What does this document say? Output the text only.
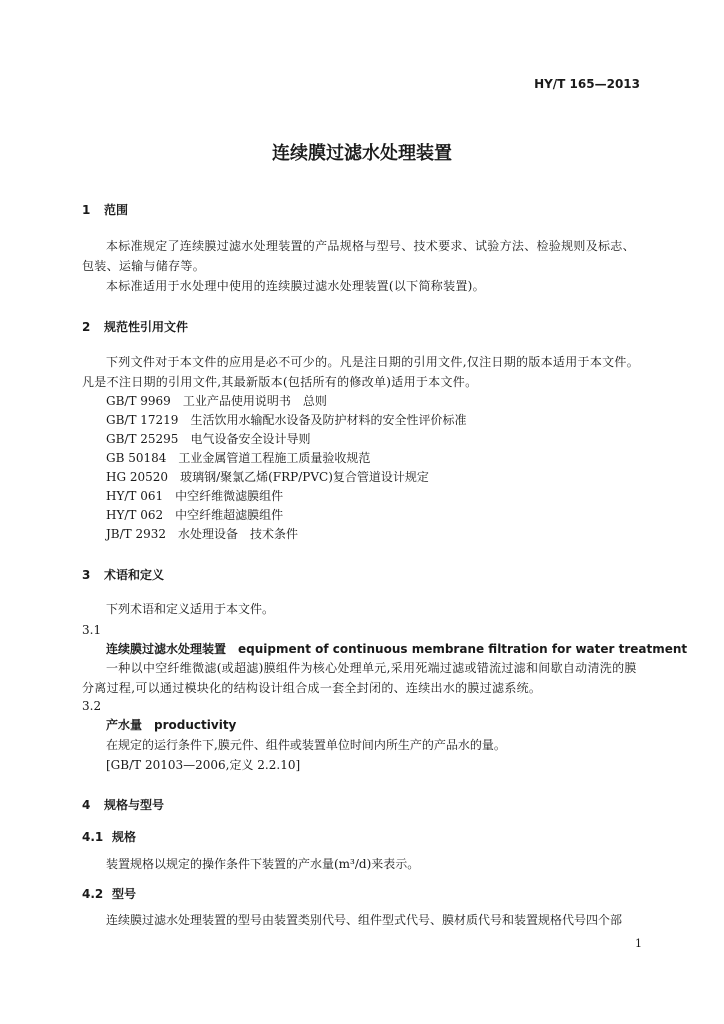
HY/T 165—2013
连续膜过滤水处理装置
1 范围
本标准规定了连续膜过滤水处理装置的产品规格与型号、技术要求、试验方法、检验规则及标志、包装、运输与储存等。
本标准适用于水处理中使用的连续膜过滤水处理装置(以下简称装置)。
2 规范性引用文件
下列文件对于本文件的应用是必不可少的。凡是注日期的引用文件,仅注日期的版本适用于本文件。凡是不注日期的引用文件,其最新版本(包括所有的修改单)适用于本文件。
GB/T 9969　 工业产品使用说明书　总则
GB/T 17219　 生活饮用水输配水设备及防护材料的安全性评价标准
GB/T 25295　 电气设备安全设计导则
GB 50184　 工业金属管道工程施工质量验收规范
HG 20520　 玻璃钢/聚氯乙烯(FRP/PVC)复合管道设计规定
HY/T 061　 中空纤维微滤膜组件
HY/T 062　 中空纤维超滤膜组件
JB/T 2932　 水处理设备　技术条件
3 术语和定义
下列术语和定义适用于本文件。
3.1
连续膜过滤水处理装置　 equipment of continuous membrane filtration for water treatment
一种以中空纤维微滤(或超滤)膜组件为核心处理单元,采用死端过滤或错流过滤和间歇自动清洗的膜分离过程,可以通过模块化的结构设计组合成一套全封闭的、连续出水的膜过滤系统。
3.2
产水量　 productivity
在规定的运行条件下,膜元件、组件或装置单位时间内所生产的产品水的量。
[GB/T 20103—2006,定义 2.2.10]
4 规格与型号
4.1 规格
装置规格以规定的操作条件下装置的产水量(m³/d)来表示。
4.2 型号
连续膜过滤水处理装置的型号由装置类别代号、组件型式代号、膜材质代号和装置规格代号四个部
1
